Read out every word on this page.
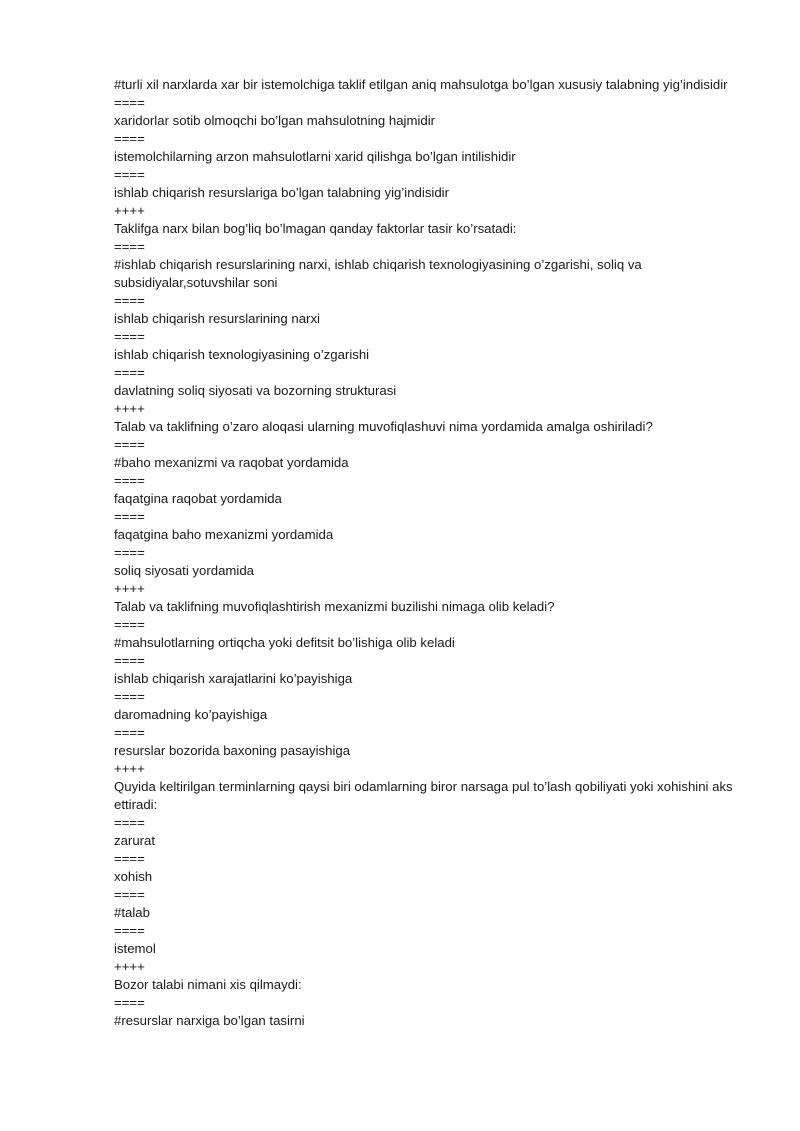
#turli xil narxlarda xar bir istemolchiga taklif etilgan aniq mahsulotga bo’lgan xususiy talabning yig’indisidir

====

xaridorlar sotib olmoqchi bo’lgan mahsulotning hajmidir

====

istemolchilarning arzon mahsulotlarni xarid qilishga bo’lgan intilishidir

====

ishlab chiqarish resurslariga bo’lgan talabning yig’indisidir

++++

Taklifga narx bilan bog’liq bo’lmagan qanday faktorlar tasir ko’rsatadi:

====

#ishlab chiqarish resurslarining narxi, ishlab chiqarish texnologiyasining o’zgarishi, soliq va subsidiyalar,sotuvshilar soni

====

ishlab chiqarish resurslarining narxi

====

ishlab chiqarish texnologiyasining o’zgarishi

====

davlatning soliq siyosati va bozorning strukturasi

++++

Talab va taklifning o’zaro aloqasi ularning muvofiqlashuvi nima yordamida amalga oshiriladi?

====

#baho mexanizmi va raqobat yordamida

====

faqatgina raqobat yordamida

====

faqatgina baho mexanizmi yordamida

====

soliq siyosati yordamida

++++

Talab va taklifning muvofiqlashtirish mexanizmi buzilishi nimaga olib keladi?

====

#mahsulotlarning ortiqcha yoki defitsit bo’lishiga olib keladi

====

ishlab chiqarish xarajatlarini ko’payishiga

====

daromadning ko’payishiga

====

resurslar bozorida baxoning pasayishiga

++++

Quyida keltirilgan terminlarning qaysi biri odamlarning biror narsaga pul to’lash qobiliyati yoki xohishini aks ettiradi:

====

zarurat

====

xohish

====

#talab

====

istemol

++++

Bozor talabi nimani xis qilmaydi:

====

#resurslar narxiga bo’lgan tasirni
